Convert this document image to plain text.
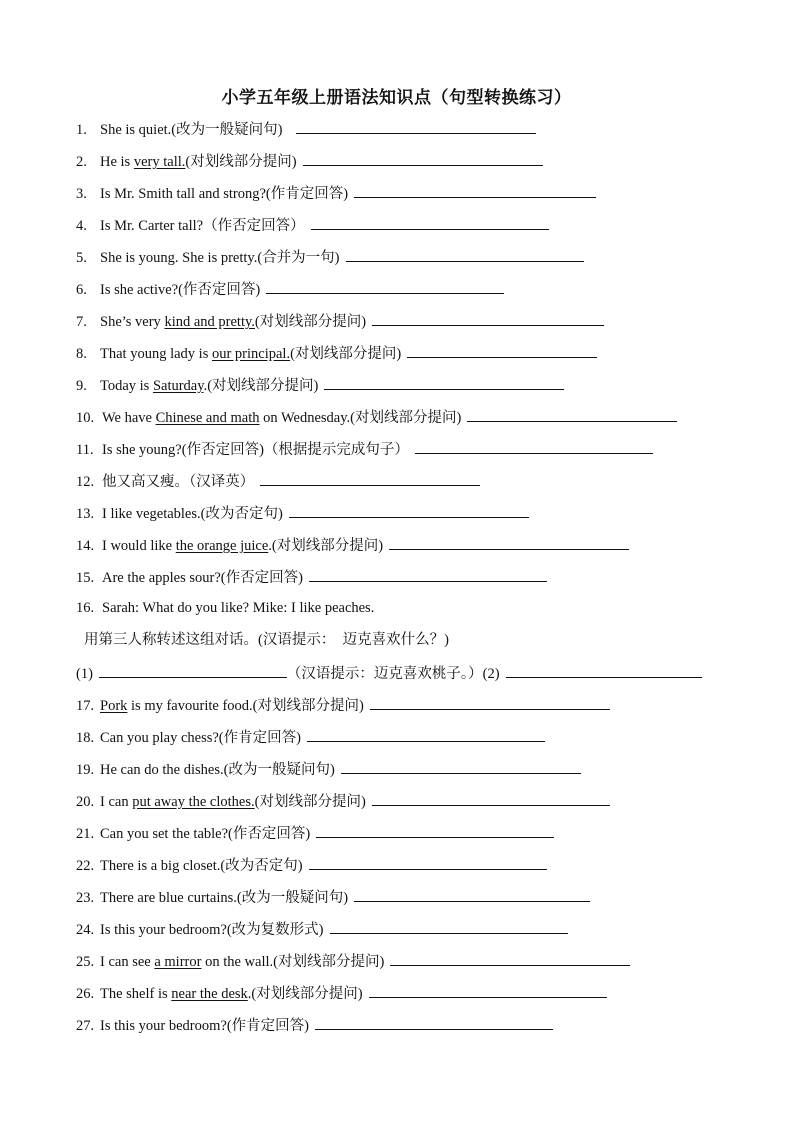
小学五年级上册语法知识点（句型转换练习）
1. She is quiet.(改为一般疑问句)
2. He is very tall.(对划线部分提问)
3. Is Mr. Smith tall and strong?(作肯定回答)
4. Is Mr. Carter tall?（作否定回答）
5. She is young. She is pretty.(合并为一句)
6. Is she active?(作否定回答)
7. She’s very kind and pretty.(对划线部分提问)
8. That young lady is our principal.(对划线部分提问)
9. Today is Saturday.(对划线部分提问)
10. We have Chinese and math on Wednesday.(对划线部分提问)
11. Is she young?(作否定回答)（根据提示完成句子）
12. 他又高又瘦。（汉译英）
13. I like vegetables.(改为否定句)
14. I would like the orange juice.(对划线部分提问)
15. Are the apples sour?(作否定回答)
16. Sarah: What do you like? Mike: I like peaches.
用第三人称转述这组对话。(汉语提示：　迈克喜欢什么？)
(1)	（汉语提示：迈克喜欢桃子。）(2)
17. Pork is my favourite food.(对划线部分提问)
18. Can you play chess?(作肯定回答)
19. He can do the dishes.(改为一般疑问句)
20. I can put away the clothes.(对划线部分提问)
21. Can you set the table?(作否定回答)
22. There is a big closet.(改为否定句)
23. There are blue curtains.(改为一般疑问句)
24. Is this your bedroom?(改为复数形式)
25. I can see a mirror on the wall.(对划线部分提问)
26. The shelf is near the desk.(对划线部分提问)
27. Is this your bedroom?(作肯定回答)
